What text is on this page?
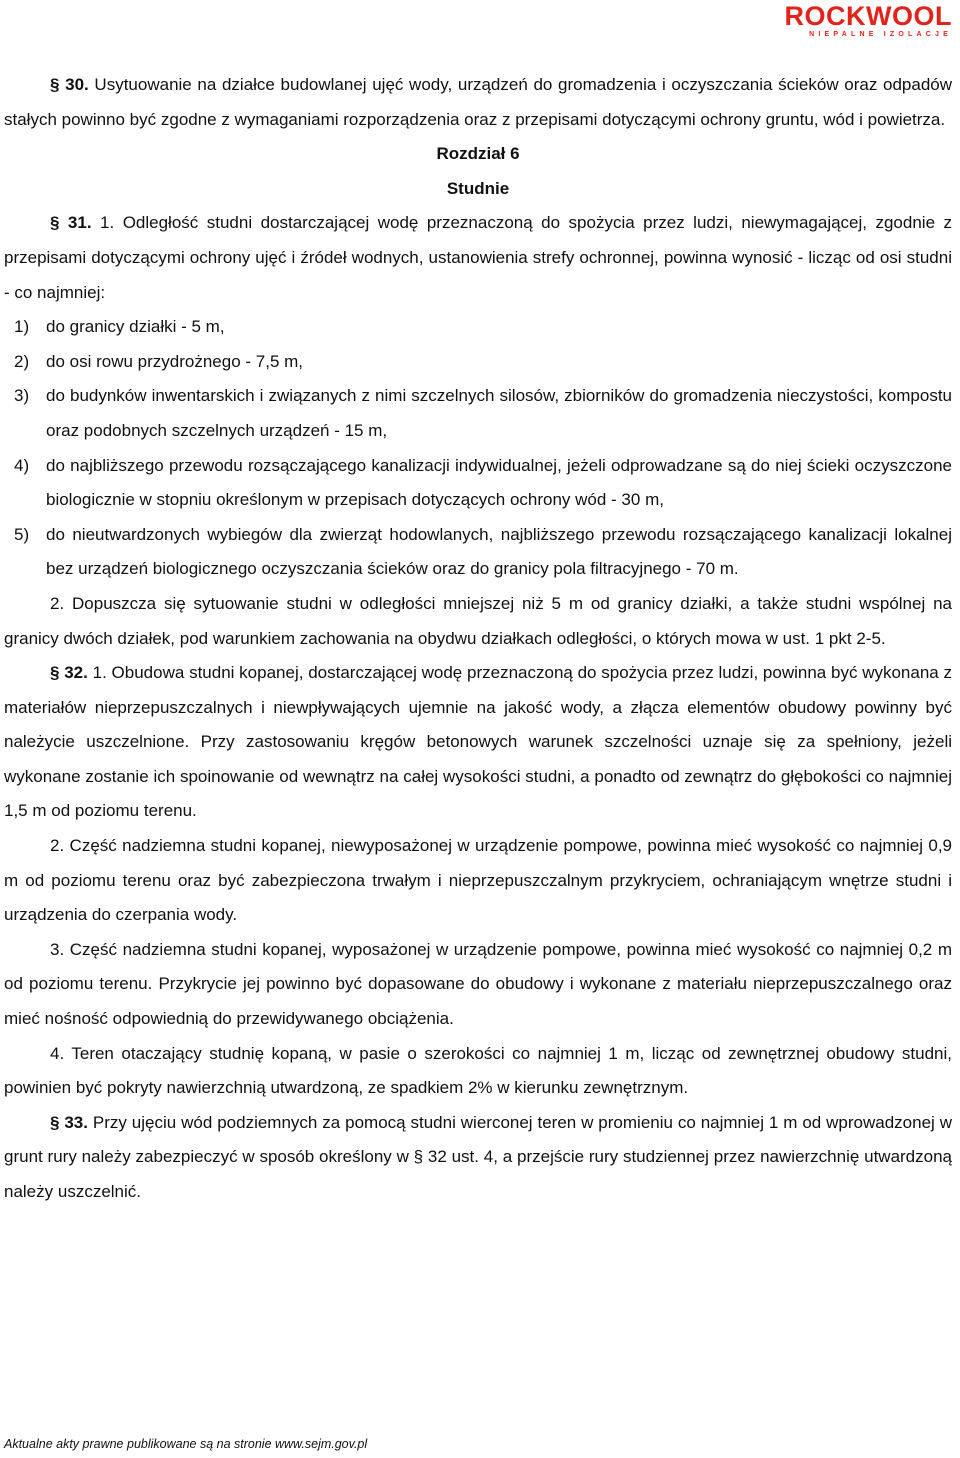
ROCKWOOL
NIEPALNE IZOLACJE

§ 30. Usytuowanie na działce budowlanej ujęć wody, urządzeń do gromadzenia i oczyszczania ścieków oraz odpadów stałych powinno być zgodne z wymaganiami rozporządzenia oraz z przepisami dotyczącymi ochrony gruntu, wód i powietrza.

Rozdział 6

Studnie

§ 31. 1. Odległość studni dostarczającej wodę przeznaczoną do spożycia przez ludzi, niewymagającej, zgodnie z przepisami dotyczącymi ochrony ujęć i źródeł wodnych, ustanowienia strefy ochronnej, powinna wynosić - licząc od osi studni - co najmniej:

1) do granicy działki - 5 m,
2) do osi rowu przydrożnego - 7,5 m,
3) do budynków inwentarskich i związanych z nimi szczelnych silosów, zbiorników do gromadzenia nieczystości, kompostu oraz podobnych szczelnych urządzeń - 15 m,
4) do najbliższego przewodu rozsączającego kanalizacji indywidualnej, jeżeli odprowadzane są do niej ścieki oczyszczone biologicznie w stopniu określonym w przepisach dotyczących ochrony wód - 30 m,
5) do nieutwardzonych wybiegów dla zwierząt hodowlanych, najbliższego przewodu rozsączającego kanalizacji lokalnej bez urządzeń biologicznego oczyszczania ścieków oraz do granicy pola filtracyjnego - 70 m.

2. Dopuszcza się sytuowanie studni w odległości mniejszej niż 5 m od granicy działki, a także studni wspólnej na granicy dwóch działek, pod warunkiem zachowania na obydwu działkach odległości, o których mowa w ust. 1 pkt 2-5.

§ 32. 1. Obudowa studni kopanej, dostarczającej wodę przeznaczoną do spożycia przez ludzi, powinna być wykonana z materiałów nieprzepuszczalnych i niewpływających ujemnie na jakość wody, a złącza elementów obudowy powinny być należycie uszczelnione. Przy zastosowaniu kręgów betonowych warunek szczelności uznaje się za spełniony, jeżeli wykonane zostanie ich spoinowanie od wewnątrz na całej wysokości studni, a ponadto od zewnątrz do głębokości co najmniej 1,5 m od poziomu terenu.

2. Część nadziemna studni kopanej, niewyposażonej w urządzenie pompowe, powinna mieć wysokość co najmniej 0,9 m od poziomu terenu oraz być zabezpieczona trwałym i nieprzepuszczalnym przykryciem, ochraniającym wnętrze studni i urządzenia do czerpania wody.

3. Część nadziemna studni kopanej, wyposażonej w urządzenie pompowe, powinna mieć wysokość co najmniej 0,2 m od poziomu terenu. Przykrycie jej powinno być dopasowane do obudowy i wykonane z materiału nieprzepuszczalnego oraz mieć nośność odpowiednią do przewidywanego obciążenia.

4. Teren otaczający studnię kopaną, w pasie o szerokości co najmniej 1 m, licząc od zewnętrznej obudowy studni, powinien być pokryty nawierzchnią utwardzoną, ze spadkiem 2% w kierunku zewnętrznym.

§ 33. Przy ujęciu wód podziemnych za pomocą studni wierconej teren w promieniu co najmniej 1 m od wprowadzonej w grunt rury należy zabezpieczyć w sposób określony w § 32 ust. 4, a przejście rury studziennej przez nawierzchnię utwardzoną należy uszczelnić.

Aktualne akty prawne publikowane są na stronie www.sejm.gov.pl
